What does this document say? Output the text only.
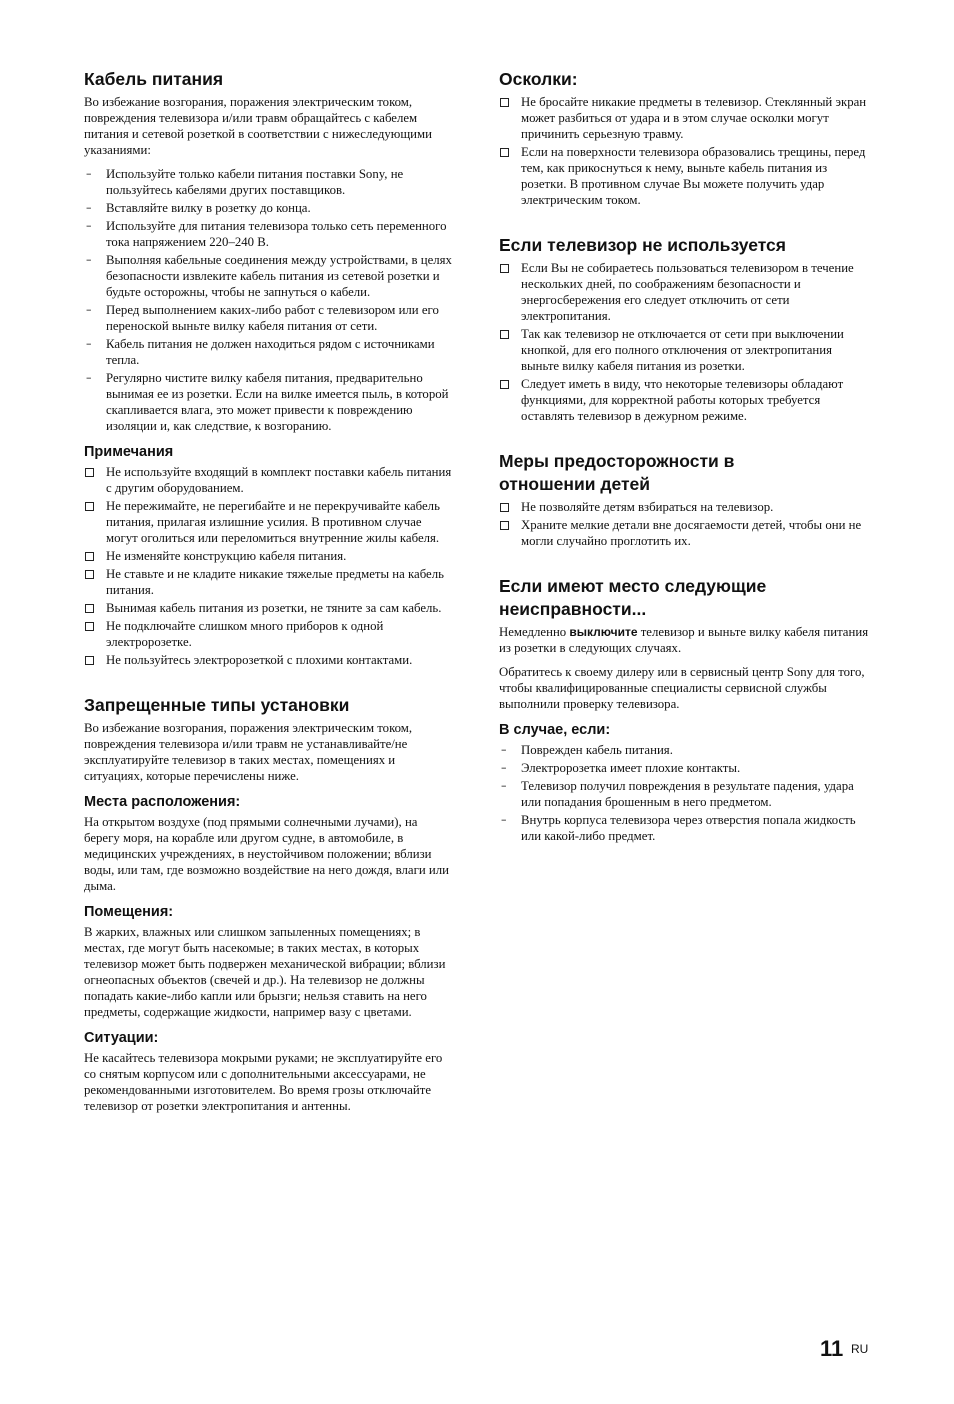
Кабель питания

Во избежание возгорания, поражения электрическим током, повреждения телевизора и/или травм обращайтесь с кабелем питания и сетевой розеткой в соответствии с нижеследующими указаниями:

–	Используйте только кабели питания поставки Sony, не пользуйтесь кабелями других поставщиков.
–	Вставляйте вилку в розетку до конца.
–	Используйте для питания телевизора только сеть переменного тока напряжением 220–240 В.
–	Выполняя кабельные соединения между устройствами, в целях безопасности извлеките кабель питания из сетевой розетки и будьте осторожны, чтобы не запнуться о кабели.
–	Перед выполнением каких-либо работ с телевизором или его переноской выньте вилку кабеля питания от сети.
–	Кабель питания не должен находиться рядом с источниками тепла.
–	Регулярно чистите вилку кабеля питания, предварительно вынимая ее из розетки. Если на вилке имеется пыль, в которой скапливается влага, это может привести к повреждению изоляции и, как следствие, к возгоранию.
Примечания
Не используйте входящий в комплект поставки кабель питания с другим оборудованием.
Не пережимайте, не перегибайте и не перекручивайте кабель питания, прилагая излишние усилия. В противном случае могут оголиться или переломиться внутренние жилы кабеля.
Не изменяйте конструкцию кабеля питания.
Не ставьте и не кладите никакие тяжелые предметы на кабель питания.
Вынимая кабель питания из розетки, не тяните за сам кабель.
Не подключайте слишком много приборов к одной электророзетке.
Не пользуйтесь электророзеткой с плохими контактами.
Запрещенные типы установки

Во избежание возгорания, поражения электрическим током, повреждения телевизора и/или травм не устанавливайте/не эксплуатируйте телевизор в таких местах, помещениях и ситуациях, которые перечислены ниже.

Места расположения:

На открытом воздухе (под прямыми солнечными лучами), на берегу моря, на корабле или другом судне, в автомобиле, в медицинских учреждениях, в неустойчивом положении; вблизи воды, или там, где возможно воздействие на него дождя, влаги или дыма.

Помещения:

В жарких, влажных или слишком запыленных помещениях; в местах, где могут быть насекомые; в таких местах, в которых телевизор может быть подвержен механической вибрации; вблизи огнеопасных объектов (свечей и др.). На телевизор не должны попадать какие-либо капли или брызги; нельзя ставить на него предметы, содержащие жидкости, например вазу с цветами.

Ситуации:

Не касайтесь телевизора мокрыми руками; не эксплуатируйте его со снятым корпусом или с дополнительными аксессуарами, не рекомендованными изготовителем. Во время грозы отключайте телевизор от розетки электропитания и антенны.

Осколки:
Не бросайте никакие предметы в телевизор. Стеклянный экран может разбиться от удара и в этом случае осколки могут причинить серьезную травму.
Если на поверхности телевизора образовались трещины, перед тем, как прикоснуться к нему, выньте кабель питания из розетки. В противном случае Вы можете получить удар электрическим током.
Если телевизор не используется
Если Вы не собираетесь пользоваться телевизором в течение нескольких дней, по соображениям безопасности и энергосбережения его следует отключить от сети электропитания.
Так как телевизор не отключается от сети при выключении кнопкой, для его полного отключения от электропитания выньте вилку кабеля питания из розетки.
Следует иметь в виду, что некоторые телевизоры обладают функциями, для корректной работы которых требуется оставлять телевизор в дежурном режиме.
Меры предосторожности в отношении детей
Не позволяйте детям взбираться на телевизор.
Храните мелкие детали вне досягаемости детей, чтобы они не могли случайно проглотить их.
Если имеют место следующие неисправности...

Немедленно выключите телевизор и выньте вилку кабеля питания из розетки в следующих случаях.

Обратитесь к своему дилеру или в сервисный центр Sony для того, чтобы квалифицированные специалисты сервисной службы выполнили проверку телевизора.

В случае, если:
–	Поврежден кабель питания.
–	Электророзетка имеет плохие контакты.
–	Телевизор получил повреждения в результате падения, удара или попадания брошенным в него предметом.
–	Внутрь корпуса телевизора через отверстия попала жидкость или какой-либо предмет.
11 RU
